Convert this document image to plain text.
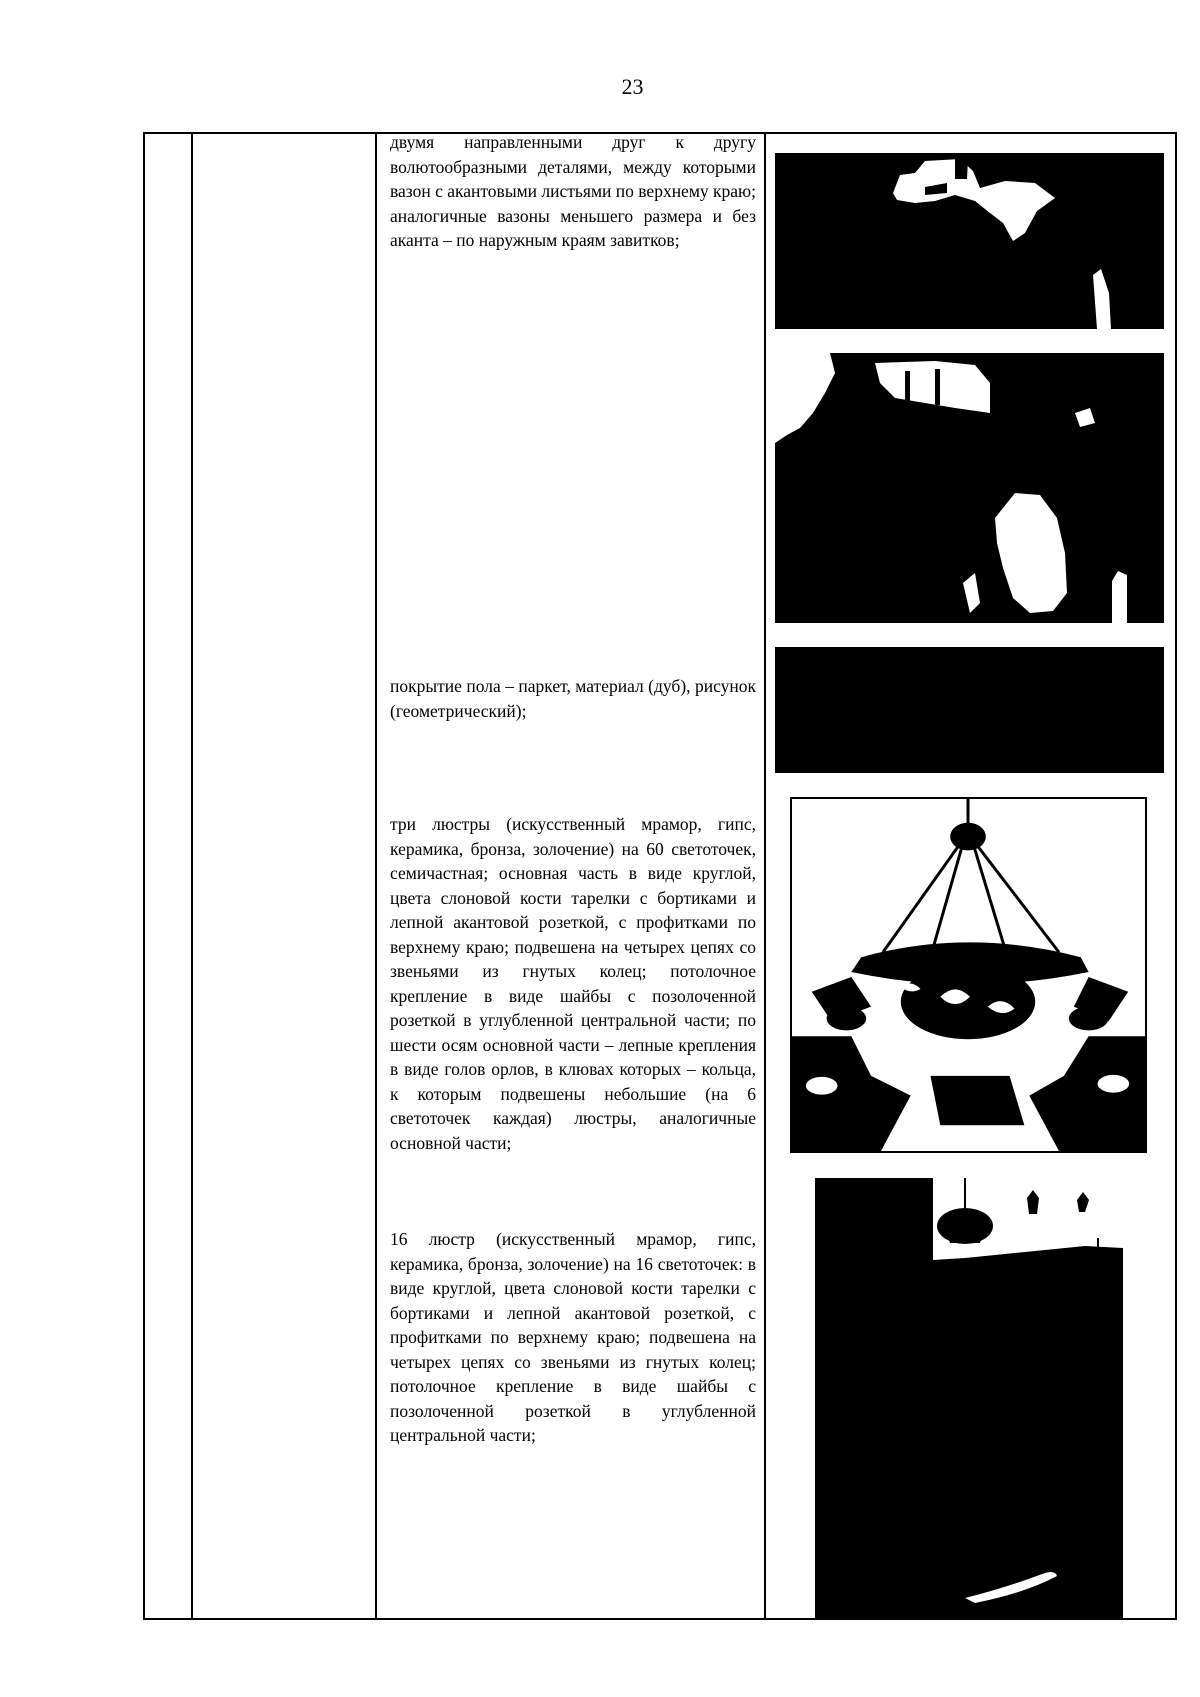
23
двумя направленными друг к другу волютообразными деталями, между которыми вазон с акантовыми листьями по верхнему краю; аналогичные вазоны меньшего размера и без аканта – по наружным краям завитков;
покрытие пола – паркет, материал (дуб), рисунок (геометрический);
три люстры (искусственный мрамор, гипс, керамика, бронза, золочение) на 60 светоточек, семичастная; основная часть в виде круглой, цвета слоновой кости тарелки с бортиками и лепной акантовой розеткой, с профитками по верхнему краю; подвешена на четырех цепях со звеньями из гнутых колец; потолочное крепление в виде шайбы с позолоченной розеткой в углубленной центральной части; по шести осям основной части – лепные крепления в виде голов орлов, в клювах которых – кольца, к которым подвешены небольшие (на 6 светоточек каждая) люстры, аналогичные основной части;
16 люстр (искусственный мрамор, гипс, керамика, бронза, золочение) на 16 светоточек: в виде круглой, цвета слоновой кости тарелки с бортиками и лепной акантовой розеткой, с профитками по верхнему краю; подвешена на четырех цепях со звеньями из гнутых колец; потолочное крепление в виде шайбы с позолоченной розеткой в углубленной центральной части;
